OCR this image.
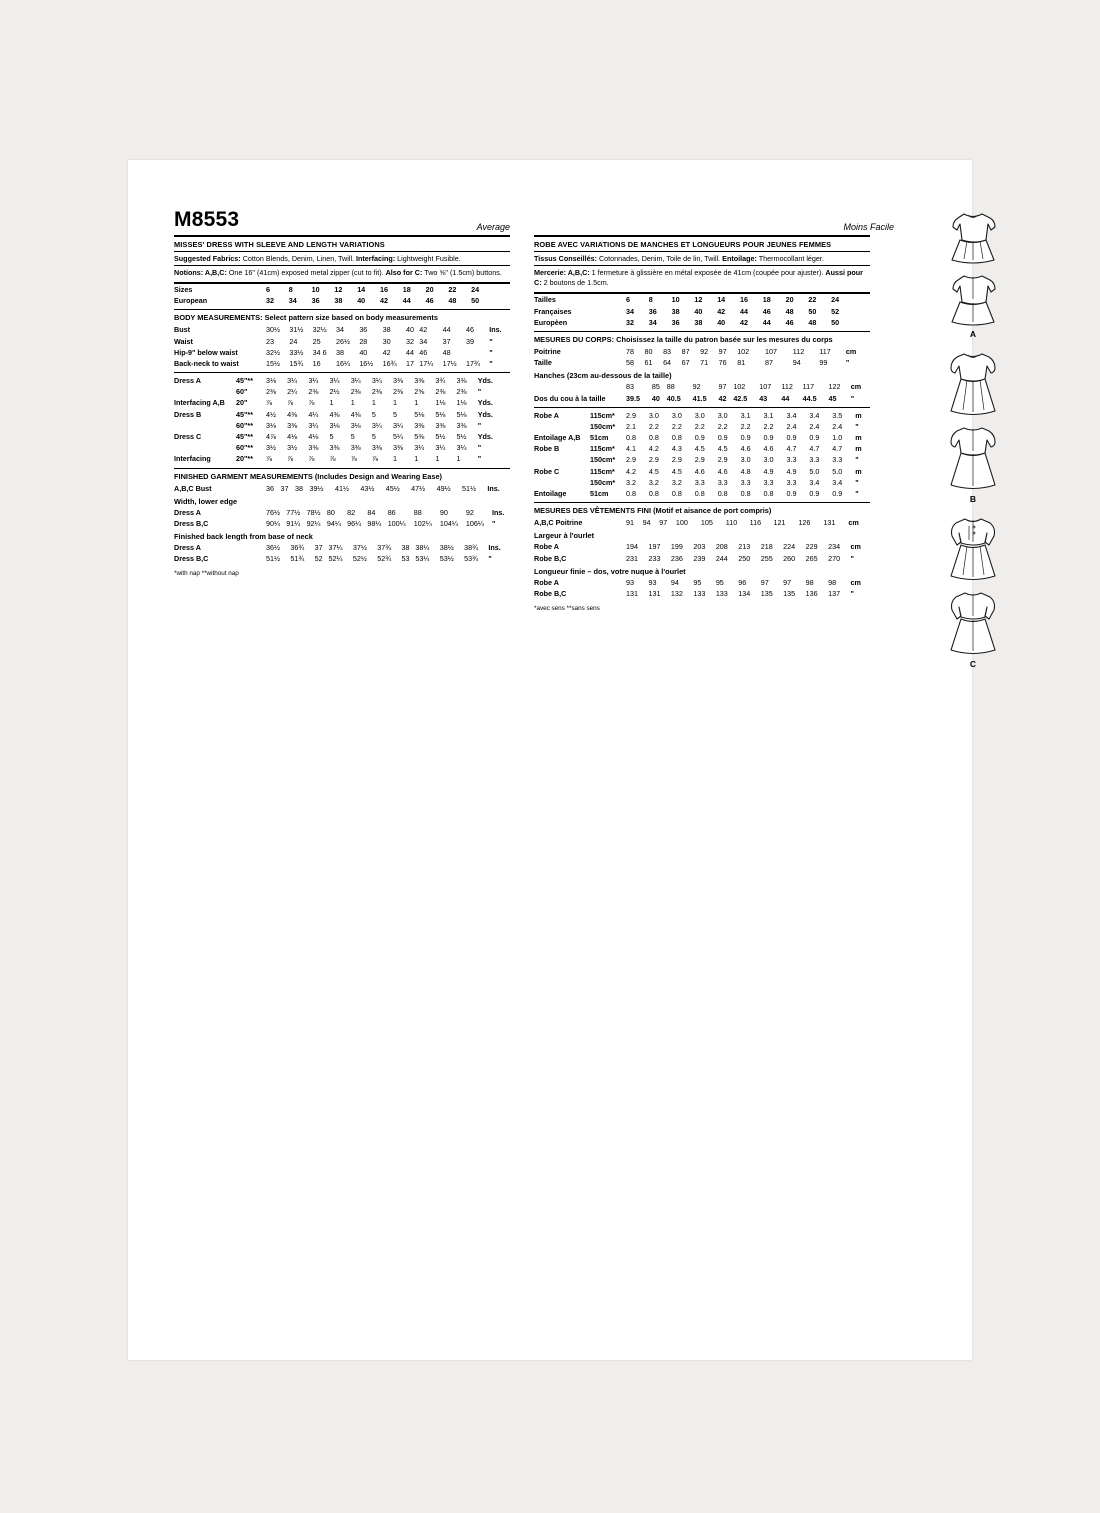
M8553	Average	Moins Facile
MISSES' DRESS WITH SLEEVE AND LENGTH VARIATIONS
Suggested Fabrics: Cotton Blends, Denim, Linen, Twill. Interfacing: Lightweight Fusible.
Notions: A,B,C: One 16" (41cm) exposed metal zipper (cut to fit). Also for C: Two ⅝" (1.5cm) buttons.
Sizes	6	8	10	12	14	16	18	20	22	24	
European	32	34	36	38	40	42	44	46	48	50	
BODY MEASUREMENTS: Select pattern size based on body measurements
Bust	30½	31½	32½	34	36	38	40	42	44	46	Ins.
Waist	23	24	25	26½	28	30	32	34	37	39	"
Hip-9" below waist	32½	33½	34 6	38	40	42	44	46	48		"
Back-neck to waist	15½	15¾	16	16¼	16½	16¾	17	17¼	17½	17¾	"
Dress A	45"**	3⅛	3¼	3¼	3¼	3¼	3¼	3⅜	3⅜	3¾	3⅜	Yds.
	60"	2⅜	2¼	2⅜	2½	2⅜	2⅜	2⅜	2⅝	2⅜	2⅜	"
Interfacing A,B	20"	⅞	⅞	⅞	1	1	1	1	1	1⅛	1⅛	Yds.
Dress B	45"**	4½	4⅜	4¼	4⅜	4⅜	5	5	5⅛	5⅛	5⅛	Yds.
	60"**	3⅛	3⅜	3¼	3⅛	3⅛	3¼	3¼	3⅜	3⅜	3⅜	"
Dress C	45"**	4⅞	4⅛	4⅛	5	5	5	5¼	5⅜	5½	5½	Yds.
	60"**	3½	3½	3⅜	3⅜	3⅜	3⅜	3⅜	3¼	3¼	3¼	"
Interfacing	20"**	⅞	⅞	⅞	⅞	⅞	⅞	1	1	1	1	"
FINISHED GARMENT MEASUREMENTS (Includes Design and Wearing Ease)
A,B,C Bust	36	37	38	39½	41½	43½	45½	47½	49½	51½	Ins.
Width, lower edge
Dress A	76½	77½	78½	80	82	84	86	88	90	92	Ins.
Dress B,C	90¼	91¼	92¼	94¼	96¼	98¼	100¼	102¼	104¼	106¼	"
Finished back length from base of neck
Dress A	36½	36¾	37	37¼	37½	37¾	38	38¼	38½	38¾	Ins.
Dress B,C	51½	51¾	52	52¼	52½	52¾	53	53¼	53½	53¾	"
*with nap **without nap
ROBE AVEC VARIATIONS DE MANCHES ET LONGUEURS POUR JEUNES FEMMES
Tissus Conseillés: Cotonnades, Denim, Toile de lin, Twill. Entoilage: Thermocollant léger.
Mercerie: A,B,C: 1 fermeture à glissière en métal exposée de 41cm (coupée pour ajuster). Aussi pour C: 2 boutons de 1.5cm.
Tailles	6	8	10	12	14	16	18	20	22	24	
Françaises	34	36	38	40	42	44	46	48	50	52	
Europèen	32	34	36	38	40	42	44	46	48	50	
MESURES DU CORPS: Choisissez la taille du patron basée sur les mesures du corps
Poitrine	78	80	83	87	92	97	102	107	112	117	cm
Taille	58	61	64	67	71	76	81	87	94	99	"
Hanches (23cm au-dessous de la taille)
	83	85	88	92	97	102	107	112	117	122	cm
Dos du cou à la taille	39.5	40	40.5	41.5	42	42.5	43	44	44.5	45	"
Robe A	115cm*	2.9	3.0	3.0	3.0	3.0	3.1	3.1	3.4	3.4	3.5	m
	150cm*	2.1	2.2	2.2	2.2	2.2	2.2	2.2	2.4	2.4	2.4	"
Entoilage A,B	51cm	0.8	0.8	0.8	0.9	0.9	0.9	0.9	0.9	0.9	1.0	m
Robe B	115cm*	4.1	4.2	4.3	4.5	4.5	4.6	4.6	4.7	4.7	4.7	m
	150cm*	2.9	2.9	2.9	2.9	2.9	3.0	3.0	3.3	3.3	3.3	"
Robe C	115cm*	4.2	4.5	4.5	4.6	4.6	4.8	4.9	4.9	5.0	5.0	m
	150cm*	3.2	3.2	3.2	3.3	3.3	3.3	3.3	3.3	3.4	3.4	"
Entoilage	51cm	0.8	0.8	0.8	0.8	0.8	0.8	0.8	0.9	0.9	0.9	"
MESURES DES VÊTEMENTS FINI (Motif et aisance de port compris)
A,B,C Poitrine	91	94	97	100	105	110	116	121	126	131	cm
Largeur à l'ourlet
Robe A	194	197	199	203	208	213	218	224	229	234	cm
Robe B,C	231	233	236	239	244	250	255	260	265	270	"
Longueur finie – dos, votre nuque à l'ourlet
Robe A	93	93	94	95	95	96	97	97	98	98	cm
Robe B,C	131	131	132	133	133	134	135	135	136	137	"
*avec sens **sans sens
A
B
C
